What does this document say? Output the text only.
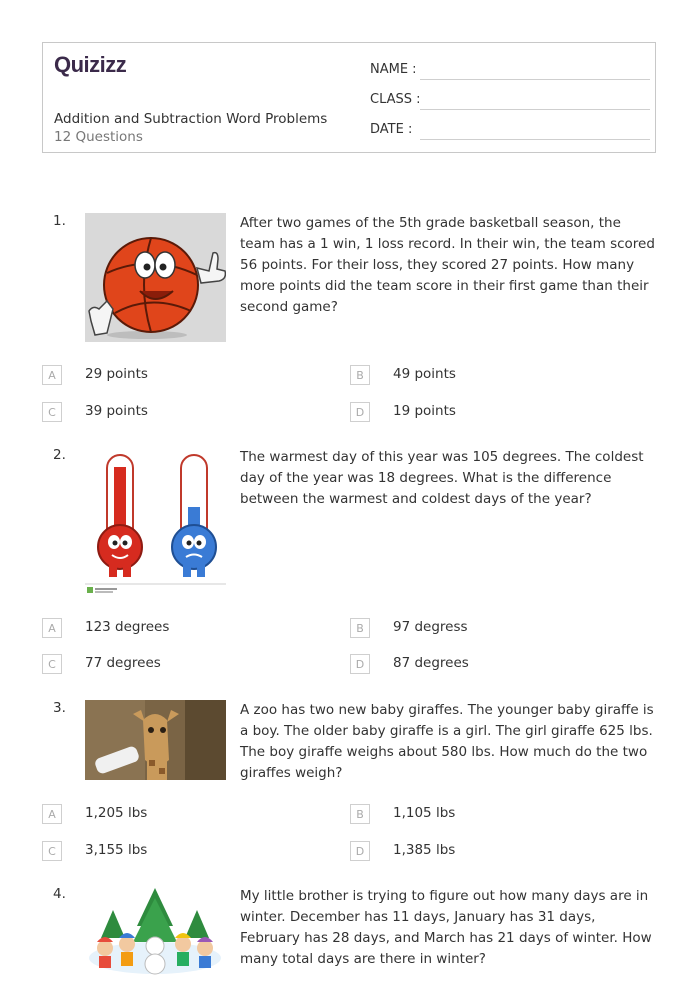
Quizizz
Addition and Subtraction Word Problems
12 Questions
NAME :
CLASS :
DATE :
1.	After two games of the 5th grade basketball season, the team has a 1 win, 1 loss record. In their win, the team scored 56 points. For their loss, they scored 27 points. How many more points did the team score in their first game than their second game?
A	29 points	B	49 points
C	39 points	D	19 points
2.	The warmest day of this year was 105 degrees. The coldest day of the year was 18 degrees. What is the difference between the warmest and coldest days of the year?
A	123 degrees	B	97 degress
C	77 degrees	D	87 degrees
3.	A zoo has two new baby giraffes. The younger baby giraffe is a boy. The older baby giraffe is a girl. The girl giraffe 625 lbs. The boy giraffe weighs about 580 lbs. How much do the two giraffes weigh?
A	1,205 lbs	B	1,105 lbs
C	3,155 lbs	D	1,385 lbs
4.	My little brother is trying to figure out how many days are in winter. December has 11 days, January has 31 days, February has 28 days, and March has 21 days of winter. How many total days are there in winter?
